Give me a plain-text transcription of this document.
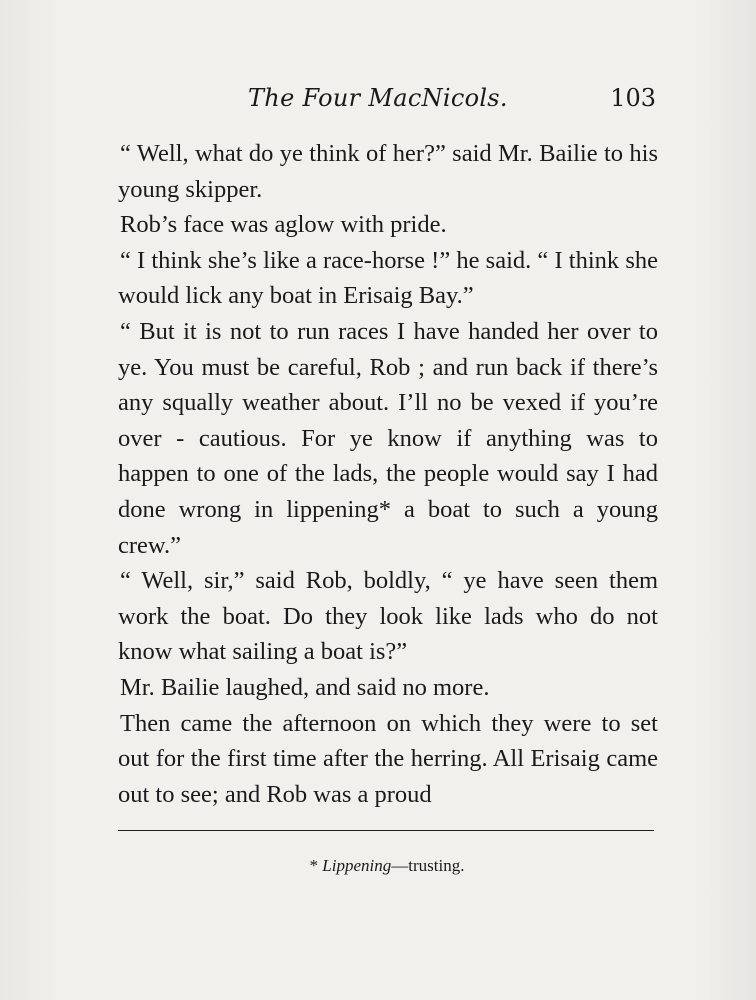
The Four MacNicols.	103

“ Well, what do ye think of her?” said Mr. Bailie to his young skipper.

Rob’s face was aglow with pride.

“ I think she’s like a race-horse !” he said. “ I think she would lick any boat in Erisaig Bay.”

“ But it is not to run races I have handed her over to ye. You must be careful, Rob ; and run back if there’s any squally weather about. I’ll no be vexed if you’re over - cautious. For ye know if anything was to happen to one of the lads, the people would say I had done wrong in lippening* a boat to such a young crew.”

“ Well, sir,” said Rob, boldly, “ ye have seen them work the boat. Do they look like lads who do not know what sailing a boat is?”

Mr. Bailie laughed, and said no more.

Then came the afternoon on which they were to set out for the first time after the herring. All Erisaig came out to see; and Rob was a proud

* Lippening—trusting.
